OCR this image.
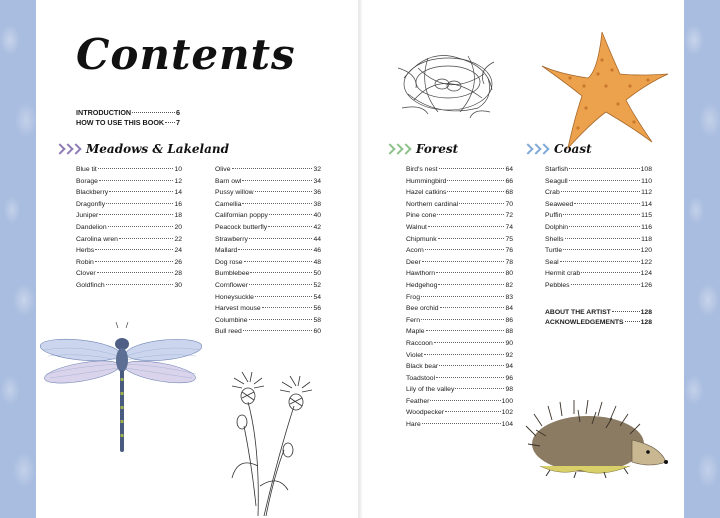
Contents
INTRODUCTION	6
HOW TO USE THIS BOOK 7
Meadows & Lakeland	Forest	Coast
Blue tit	10
Borage	12
Blackberry	14
Dragonfly	16
Juniper	18
Dandelion	20
Carolina wren	22
Herbs	24
Robin	26
Clover	28
Goldfinch	30
Olive	32
Barn owl	34
Pussy willow	36
Camellia	38
Californian poppy	40
Peacock butterfly	42
Strawberry	44
Mallard	46
Dog rose	48
Bumblebee	50
Cornflower	52
Honeysuckle	54
Harvest mouse	56
Columbine	58
Bull reed	60
Bird's nest	64
Hummingbird	66
Hazel catkins	68
Northern cardinal	70
Pine cone	72
Walnut	74
Chipmunk	75
Acorn	76
Deer	78
Hawthorn	80
Hedgehog	82
Frog	83
Bee orchid	84
Fern	86
Maple	88
Raccoon	90
Violet	92
Black bear	94
Toadstool	96
Lily of the valley	98
Feather	100
Woodpecker	102
Hare	104
Starfish	108
Seagull	110
Crab	112
Seaweed	114
Puffin	115
Dolphin	116
Shells	118
Turtle	120
Seal	122
Hermit crab	124
Pebbles	126
ABOUT THE ARTIST	128
ACKNOWLEDGEMENTS	128
